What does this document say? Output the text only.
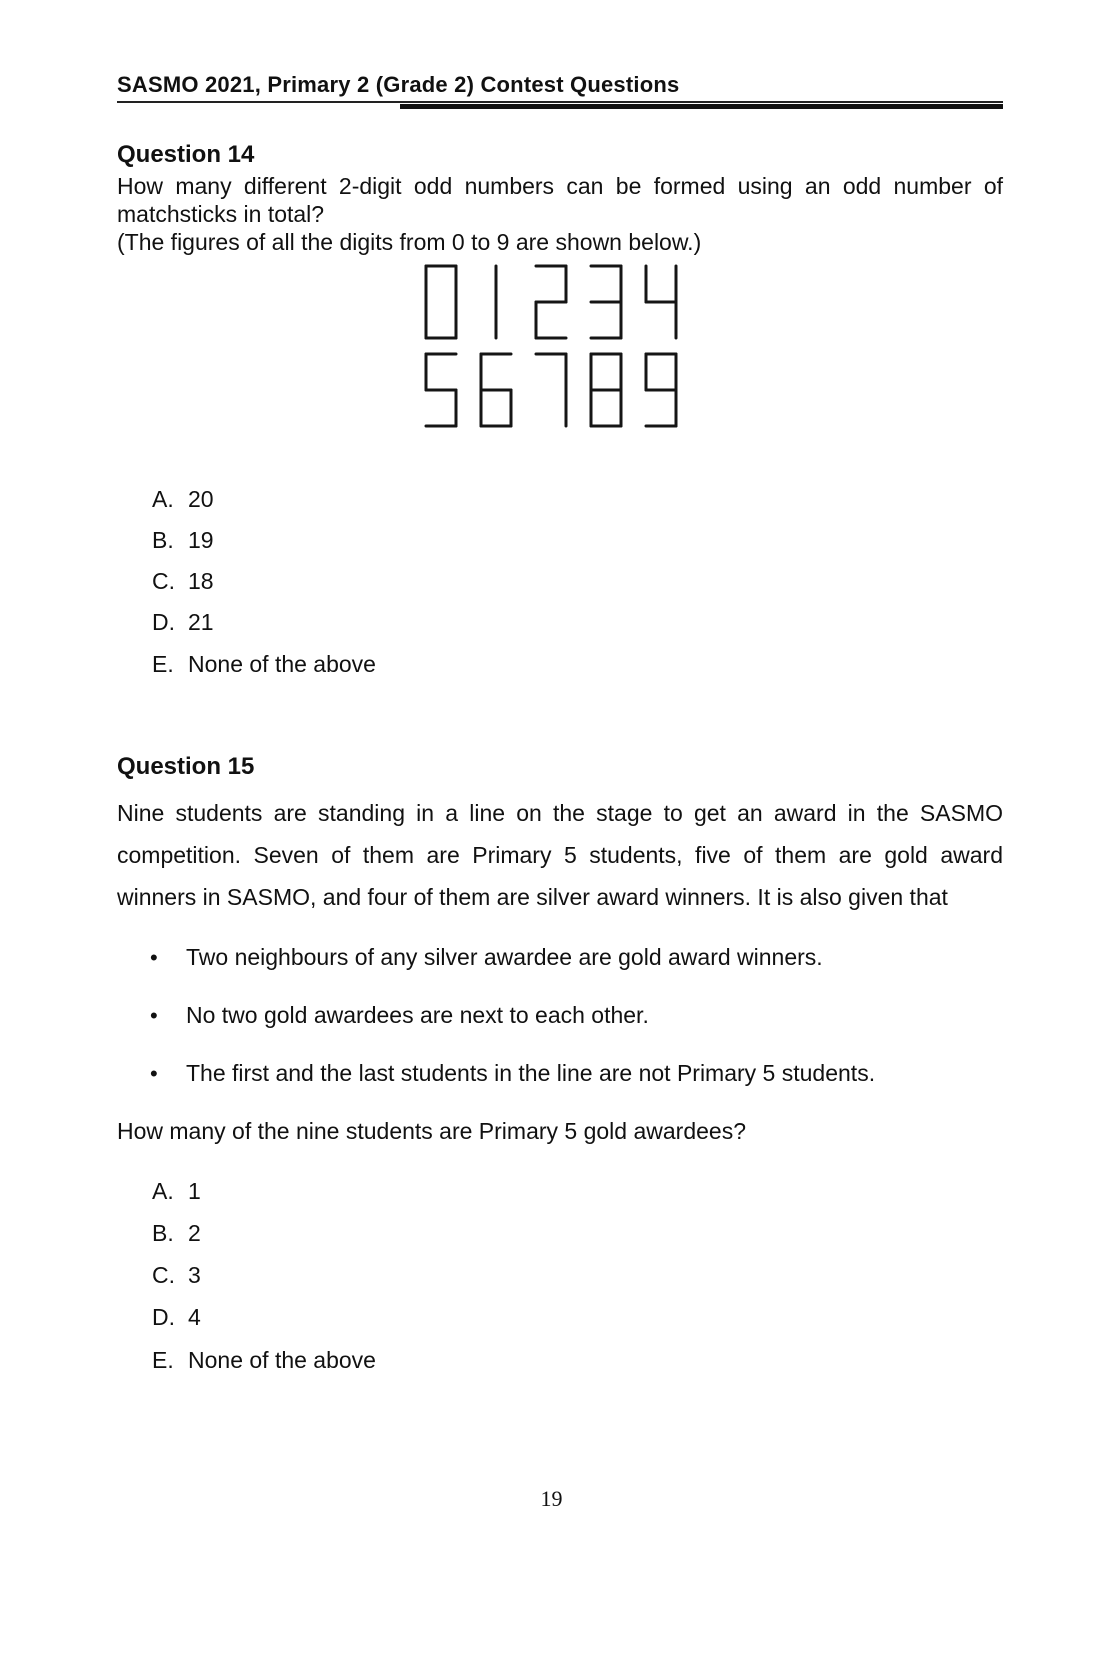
SASMO 2021, Primary 2 (Grade 2) Contest Questions
Question 14
How many different 2-digit odd numbers can be formed using an odd number of matchsticks in total?
(The figures of all the digits from 0 to 9 are shown below.)
A. 20
B. 19
C. 18
D. 21
E. None of the above
Question 15
Nine students are standing in a line on the stage to get an award in the SASMO competition. Seven of them are Primary 5 students, five of them are gold award winners in SASMO, and four of them are silver award winners. It is also given that
• Two neighbours of any silver awardee are gold award winners.
• No two gold awardees are next to each other.
• The first and the last students in the line are not Primary 5 students.
How many of the nine students are Primary 5 gold awardees?
A. 1
B. 2
C. 3
D. 4
E. None of the above
19
